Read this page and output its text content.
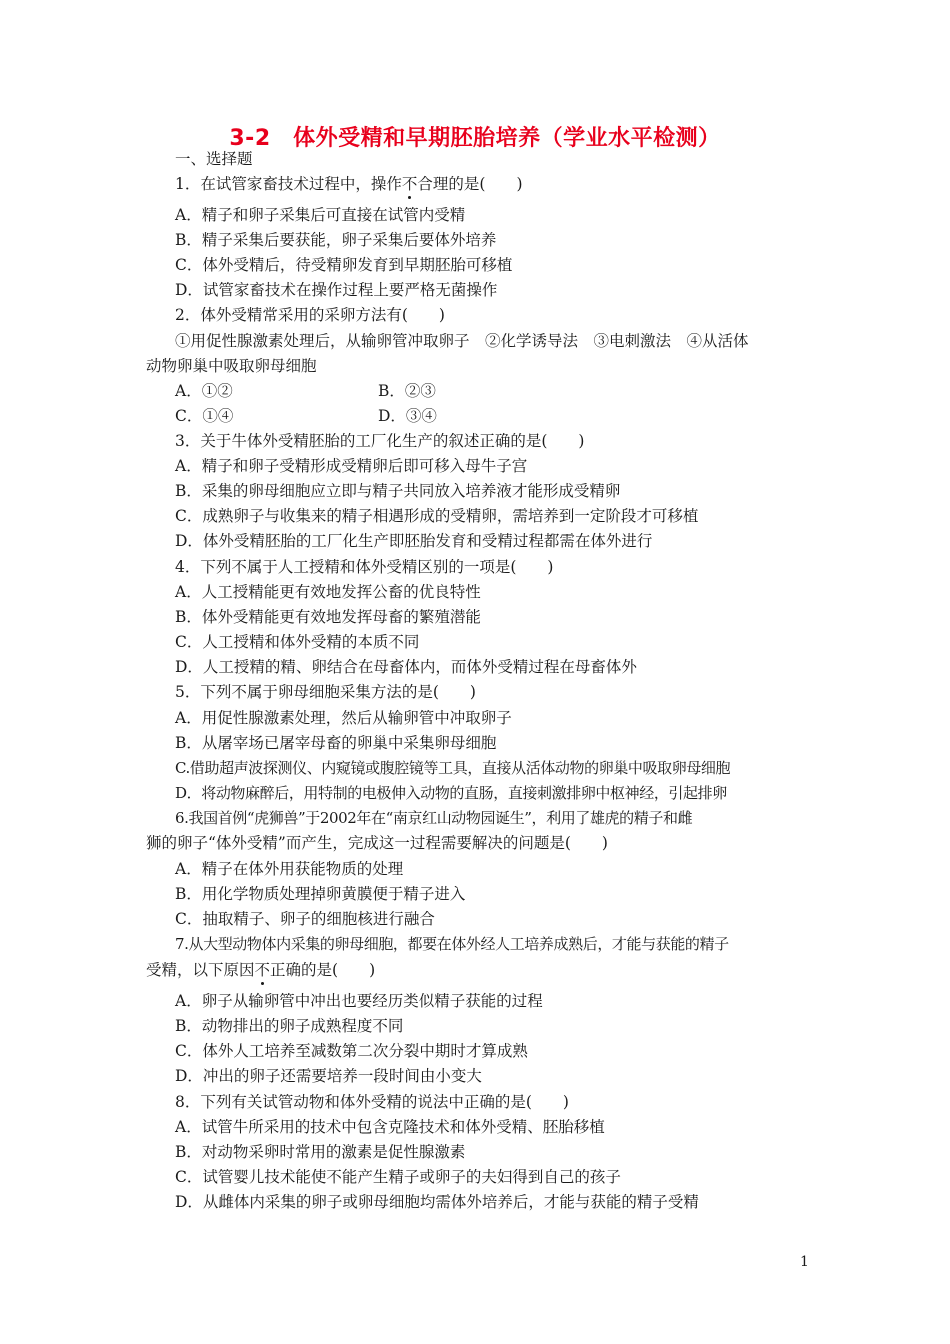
3-2　体外受精和早期胚胎培养（学业水平检测）
一、选择题
1．在试管家畜技术过程中，操作不合理的是(　　)
A．精子和卵子采集后可直接在试管内受精
B．精子采集后要获能，卵子采集后要体外培养
C．体外受精后，待受精卵发育到早期胚胎可移植
D．试管家畜技术在操作过程上要严格无菌操作
2．体外受精常采用的采卵方法有(　　)
①用促性腺激素处理后，从输卵管冲取卵子　②化学诱导法　③电刺激法　④从活体
动物卵巢中吸取卵母细胞
A．①②	B．②③
C．①④	D．③④
3．关于牛体外受精胚胎的工厂化生产的叙述正确的是(　　)
A．精子和卵子受精形成受精卵后即可移入母牛子宫
B．采集的卵母细胞应立即与精子共同放入培养液才能形成受精卵
C．成熟卵子与收集来的精子相遇形成的受精卵，需培养到一定阶段才可移植
D．体外受精胚胎的工厂化生产即胚胎发育和受精过程都需在体外进行
4．下列不属于人工授精和体外受精区别的一项是(　　)
A．人工授精能更有效地发挥公畜的优良特性
B．体外受精能更有效地发挥母畜的繁殖潜能
C．人工授精和体外受精的本质不同
D．人工授精的精、卵结合在母畜体内，而体外受精过程在母畜体外
5．下列不属于卵母细胞采集方法的是(　　)
A．用促性腺激素处理，然后从输卵管中冲取卵子
B．从屠宰场已屠宰母畜的卵巢中采集卵母细胞
C.借助超声波探测仪、内窥镜或腹腔镜等工具，直接从活体动物的卵巢中吸取卵母细胞
D．将动物麻醉后，用特制的电极伸入动物的直肠，直接刺激排卵中枢神经，引起排卵
6.我国首例“虎狮兽”于2002年在“南京红山动物园诞生”，利用了雄虎的精子和雌
狮的卵子“体外受精”而产生，完成这一过程需要解决的问题是(　　)
A．精子在体外用获能物质的处理
B．用化学物质处理掉卵黄膜便于精子进入
C．抽取精子、卵子的细胞核进行融合
7.从大型动物体内采集的卵母细胞，都要在体外经人工培养成熟后，才能与获能的精子
受精，以下原因不正确的是(　　)
A．卵子从输卵管中冲出也要经历类似精子获能的过程
B．动物排出的卵子成熟程度不同
C．体外人工培养至减数第二次分裂中期时才算成熟
D．冲出的卵子还需要培养一段时间由小变大
8．下列有关试管动物和体外受精的说法中正确的是(　　)
A．试管牛所采用的技术中包含克隆技术和体外受精、胚胎移植
B．对动物采卵时常用的激素是促性腺激素
C．试管婴儿技术能使不能产生精子或卵子的夫妇得到自己的孩子
D．从雌体内采集的卵子或卵母细胞均需体外培养后，才能与获能的精子受精
1
